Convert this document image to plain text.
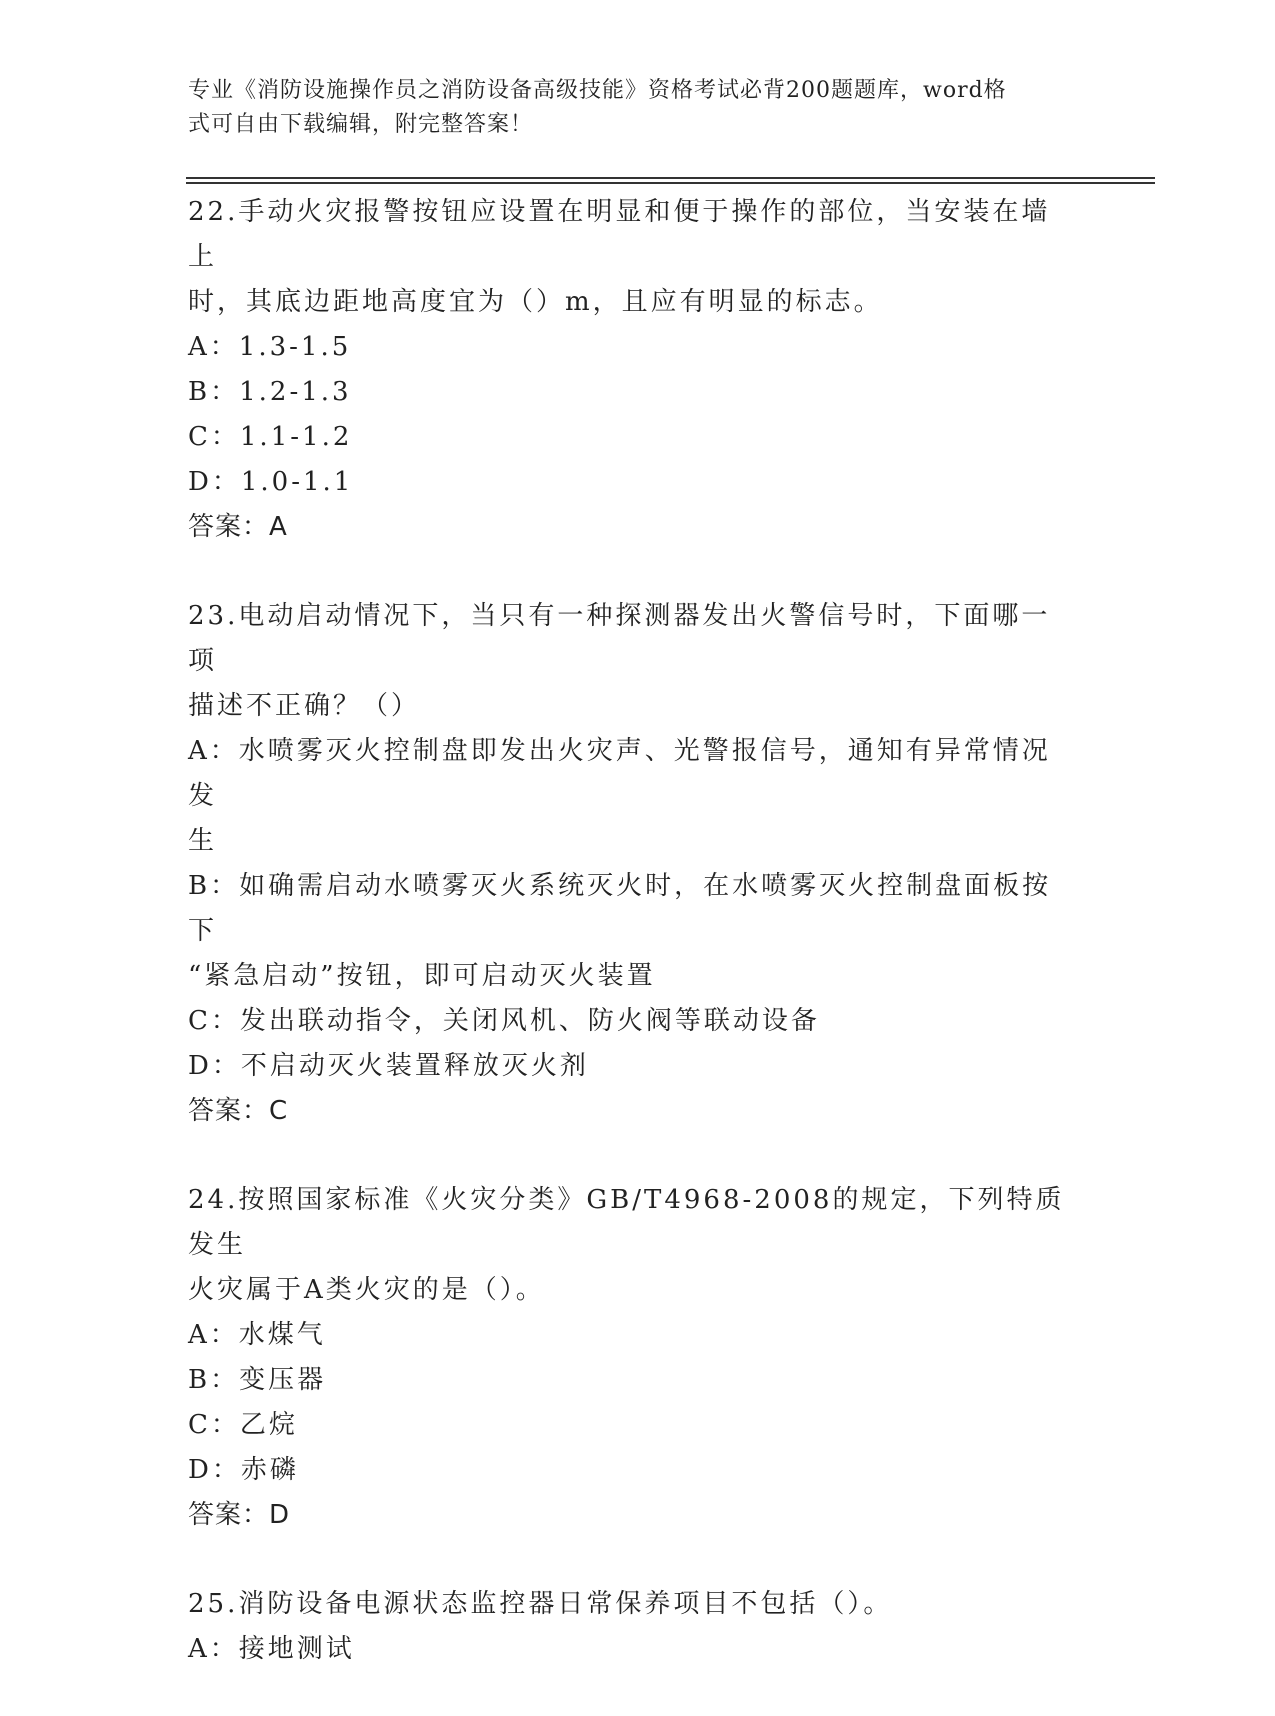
专业《消防设施操作员之消防设备高级技能》资格考试必背200题题库，word格
式可自由下载编辑，附完整答案！

22.手动火灾报警按钮应设置在明显和便于操作的部位，当安装在墙上

时，其底边距地高度宜为（）m，且应有明显的标志。

A：1.3-1.5

B：1.2-1.3

C：1.1-1.2

D：1.0-1.1

答案：A

23.电动启动情况下，当只有一种探测器发出火警信号时，下面哪一项

描述不正确？（）

A：水喷雾灭火控制盘即发出火灾声、光警报信号，通知有异常情况发

生

B：如确需启动水喷雾灭火系统灭火时，在水喷雾灭火控制盘面板按下

“紧急启动”按钮，即可启动灭火装置

C：发出联动指令，关闭风机、防火阀等联动设备

D：不启动灭火装置释放灭火剂

答案：C

24.按照国家标准《火灾分类》GB/T4968-2008的规定，下列特质发生

火灾属于A类火灾的是（）。

A：水煤气

B：变压器

C：乙烷

D：赤磷

答案：D

25.消防设备电源状态监控器日常保养项目不包括（）。

A：接地测试
